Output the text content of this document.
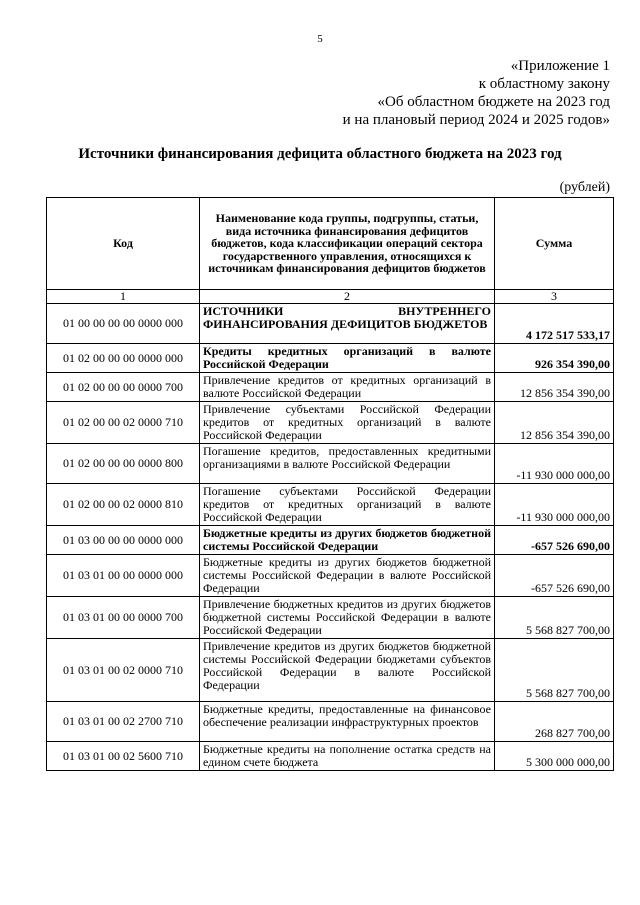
5
«Приложение 1
к областному закону
«Об областном бюджете на 2023 год
и на плановый период 2024 и 2025 годов»
Источники финансирования дефицита областного бюджета на 2023 год
(рублей)
Код	Наименование кода группы, подгруппы, статьи, вида источника финансирования дефицитов бюджетов, кода классификации операций сектора государственного управления, относящихся к источникам финансирования дефицитов бюджетов	Сумма
1	2	3
01 00 00 00 00 0000 000	ИСТОЧНИКИ ВНУТРЕННЕГО ФИНАНСИРОВАНИЯ ДЕФИЦИТОВ БЮДЖЕТОВ	4 172 517 533,17
01 02 00 00 00 0000 000	Кредиты кредитных организаций в валюте Российской Федерации	926 354 390,00
01 02 00 00 00 0000 700	Привлечение кредитов от кредитных организаций в валюте Российской Федерации	12 856 354 390,00
01 02 00 00 02 0000 710	Привлечение субъектами Российской Федерации кредитов от кредитных организаций в валюте Российской Федерации	12 856 354 390,00
01 02 00 00 00 0000 800	Погашение кредитов, предоставленных кредитными организациями в валюте Российской Федерации	-11 930 000 000,00
01 02 00 00 02 0000 810	Погашение субъектами Российской Федерации кредитов от кредитных организаций в валюте Российской Федерации	-11 930 000 000,00
01 03 00 00 00 0000 000	Бюджетные кредиты из других бюджетов бюджетной системы Российской Федерации	-657 526 690,00
01 03 01 00 00 0000 000	Бюджетные кредиты из других бюджетов бюджетной системы Российской Федерации в валюте Российской Федерации	-657 526 690,00
01 03 01 00 00 0000 700	Привлечение бюджетных кредитов из других бюджетов бюджетной системы Российской Федерации в валюте Российской Федерации	5 568 827 700,00
01 03 01 00 02 0000 710	Привлечение кредитов из других бюджетов бюджетной системы Российской Федерации бюджетами субъектов Российской Федерации в валюте Российской Федерации	5 568 827 700,00
01 03 01 00 02 2700 710	Бюджетные кредиты, предоставленные на финансовое обеспечение реализации инфраструктурных проектов	268 827 700,00
01 03 01 00 02 5600 710	Бюджетные кредиты на пополнение остатка средств на едином счете бюджета	5 300 000 000,00
